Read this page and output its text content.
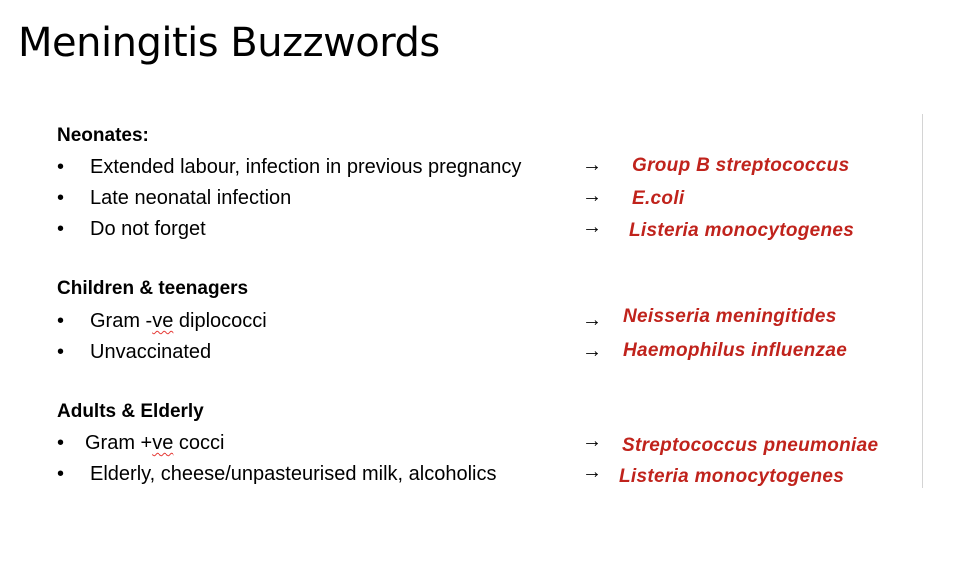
Meningitis Buzzwords
Neonates:
• Extended labour, infection in previous pregnancy	→ Group B streptococcus
• Late neonatal infection	→ E.coli
• Do not forget	→ Listeria monocytogenes
Children & teenagers
• Gram -ve diplococci	→ Neisseria meningitides
• Unvaccinated	→ Haemophilus influenzae
Adults & Elderly
• Gram +ve cocci	→ Streptococcus pneumoniae
• Elderly, cheese/unpasteurised milk, alcoholics	→ Listeria monocytogenes
